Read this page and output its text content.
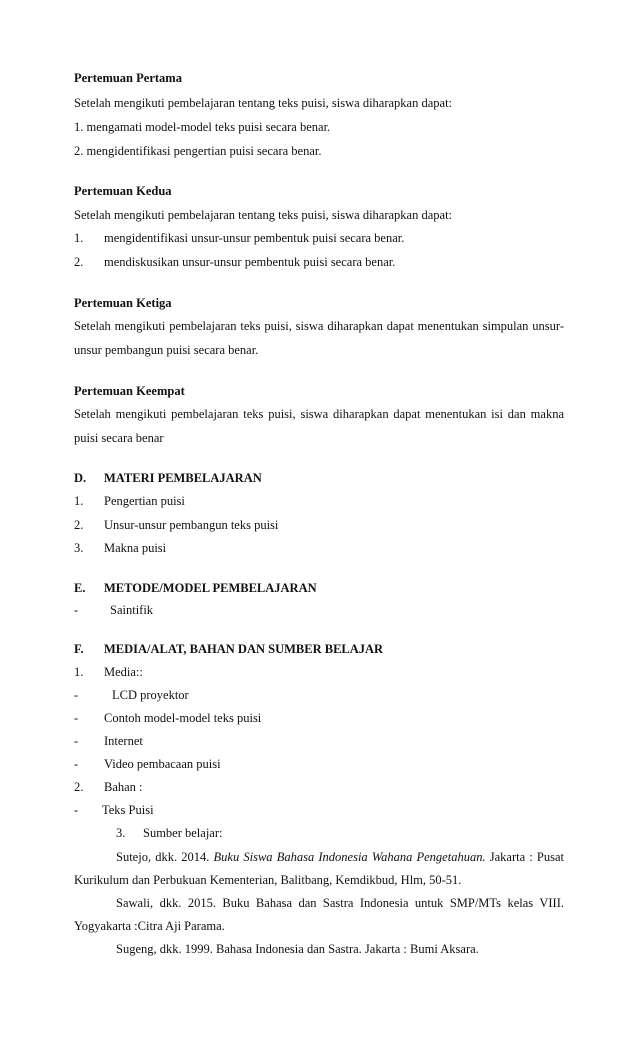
Pertemuan Pertama
Setelah mengikuti pembelajaran tentang teks puisi, siswa diharapkan dapat:
1. mengamati model-model teks puisi secara benar.
2. mengidentifikasi pengertian puisi secara benar.
Pertemuan Kedua
Setelah mengikuti pembelajaran tentang teks puisi, siswa diharapkan dapat:
1. mengidentifikasi unsur-unsur pembentuk puisi secara benar.
2. mendiskusikan unsur-unsur pembentuk puisi secara benar.
Pertemuan Ketiga
Setelah mengikuti pembelajaran teks puisi, siswa diharapkan dapat menentukan simpulan unsur-
unsur pembangun puisi secara benar.
Pertemuan Keempat
Setelah mengikuti pembelajaran teks puisi, siswa diharapkan dapat menentukan isi dan makna
puisi secara benar
D. MATERI PEMBELAJARAN
1. Pengertian puisi
2. Unsur-unsur pembangun teks puisi
3. Makna puisi
E. METODE/MODEL PEMBELAJARAN
-	Saintifik
F. MEDIA/ALAT, BAHAN DAN SUMBER BELAJAR
1. Media::
-	LCD proyektor
- Contoh model-model teks puisi
- Internet
- Video pembacaan puisi
2. Bahan :
- Teks Puisi
3. Sumber belajar:
Sutejo, dkk. 2014. Buku Siswa Bahasa Indonesia Wahana Pengetahuan. Jakarta : Pusat
Kurikulum dan Perbukuan Kementerian, Balitbang, Kemdikbud, Hlm, 50-51.
Sawali, dkk. 2015. Buku Bahasa dan Sastra Indonesia untuk SMP/MTs kelas VIII.
Yogyakarta :Citra Aji Parama.
Sugeng, dkk. 1999. Bahasa Indonesia dan Sastra. Jakarta : Bumi Aksara.
